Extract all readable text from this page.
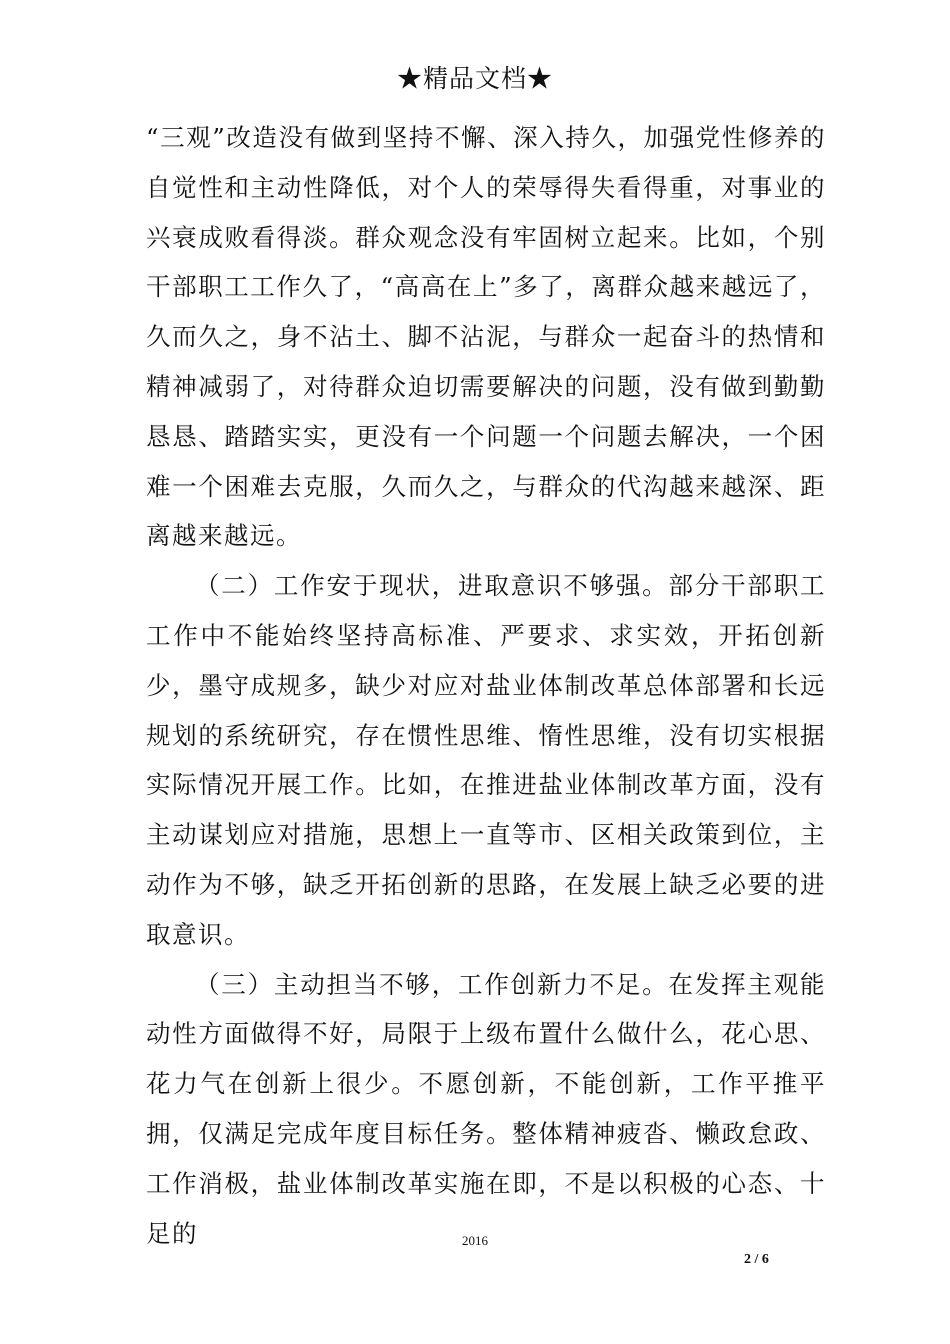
★精品文档★

“三观”改造没有做到坚持不懈、深入持久，加强党性修养的自觉性和主动性降低，对个人的荣辱得失看得重，对事业的兴衰成败看得淡。群众观念没有牢固树立起来。比如，个别干部职工工作久了，“高高在上”多了，离群众越来越远了，久而久之，身不沾土、脚不沾泥，与群众一起奋斗的热情和精神减弱了，对待群众迫切需要解决的问题，没有做到勤勤恳恳、踏踏实实，更没有一个问题一个问题去解决，一个困难一个困难去克服，久而久之，与群众的代沟越来越深、距离越来越远。

（二）工作安于现状，进取意识不够强。部分干部职工工作中不能始终坚持高标准、严要求、求实效，开拓创新少，墨守成规多，缺少对应对盐业体制改革总体部署和长远规划的系统研究，存在惯性思维、惰性思维，没有切实根据实际情况开展工作。比如，在推进盐业体制改革方面，没有主动谋划应对措施，思想上一直等市、区相关政策到位，主动作为不够，缺乏开拓创新的思路，在发展上缺乏必要的进取意识。

（三）主动担当不够，工作创新力不足。在发挥主观能动性方面做得不好，局限于上级布置什么做什么，花心思、花力气在创新上很少。不愿创新，不能创新，工作平推平拥，仅满足完成年度目标任务。整体精神疲沓、懒政怠政、工作消极，盐业体制改革实施在即，不是以积极的心态、十足的	2016
2 / 6
